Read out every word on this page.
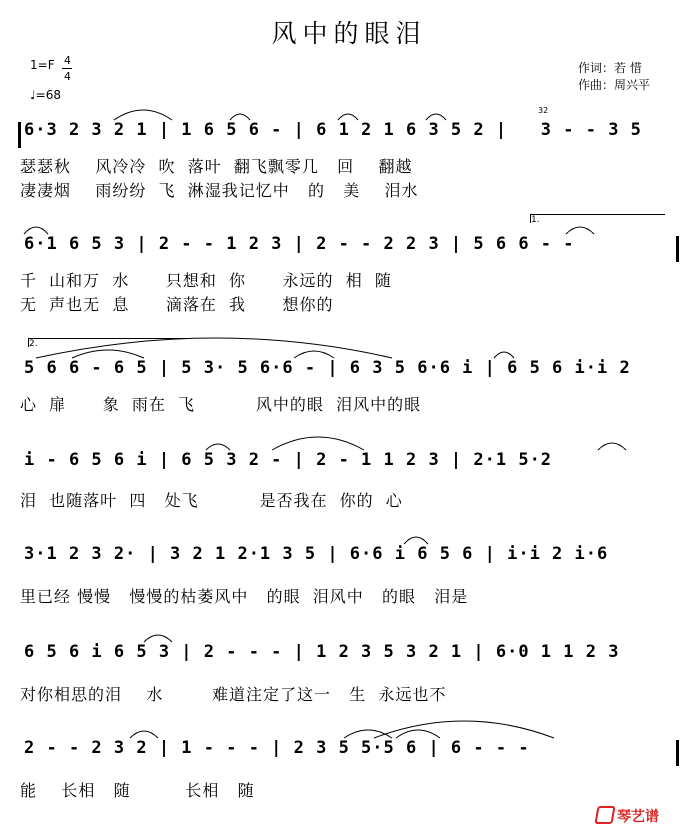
风中的眼泪
1=F 4
4
♩=68
作词：若 惜
作曲：周兴平
6·3 2 3 2 1 | 1 6 5 6 - | 6 1 2 1 6 3 5 2 |   3 - - 3 5
32
瑟瑟秋    风冷冷  吹  落叶  翻飞飘零几   回    翻越
凄凄烟    雨纷纷  飞  淋湿我记忆中   的   美    泪水
1.
6·1 6 5 3 | 2 - - 1 2 3 | 2 - - 2 2 3 | 5 6 6 - -
千  山和万  水      只想和  你      永远的  相  随
无  声也无  息      滴落在  我      想你的
2.
5 6 6 - 6 5 | 5 3· 5 6·6 - | 6 3 5 6·6 i | 6 5 6 i·i 2
心  扉      象  雨在  飞          风中的眼  泪风中的眼
i - 6 5 6 i | 6 5 3 2 - | 2 - 1 1 2 3 | 2·1 5·2
泪  也随落叶  四   处飞          是否我在  你的  心
3·1 2 3 2· | 3 2 1 2·1 3 5 | 6·6 i 6 5 6 | i·i 2 i·6
里已经 慢慢   慢慢的枯萎风中   的眼  泪风中   的眼   泪是
6 5 6 i 6 5 3 | 2 - - - | 1 2 3 5 3 2 1 | 6·0 1 1 2 3
对你相思的泪    水        难道注定了这一   生  永远也不
2 - - 2 3 2 | 1 - - - | 2 3 5 5·5 6 | 6 - - -
能    长相   随         长相   随
琴艺谱
